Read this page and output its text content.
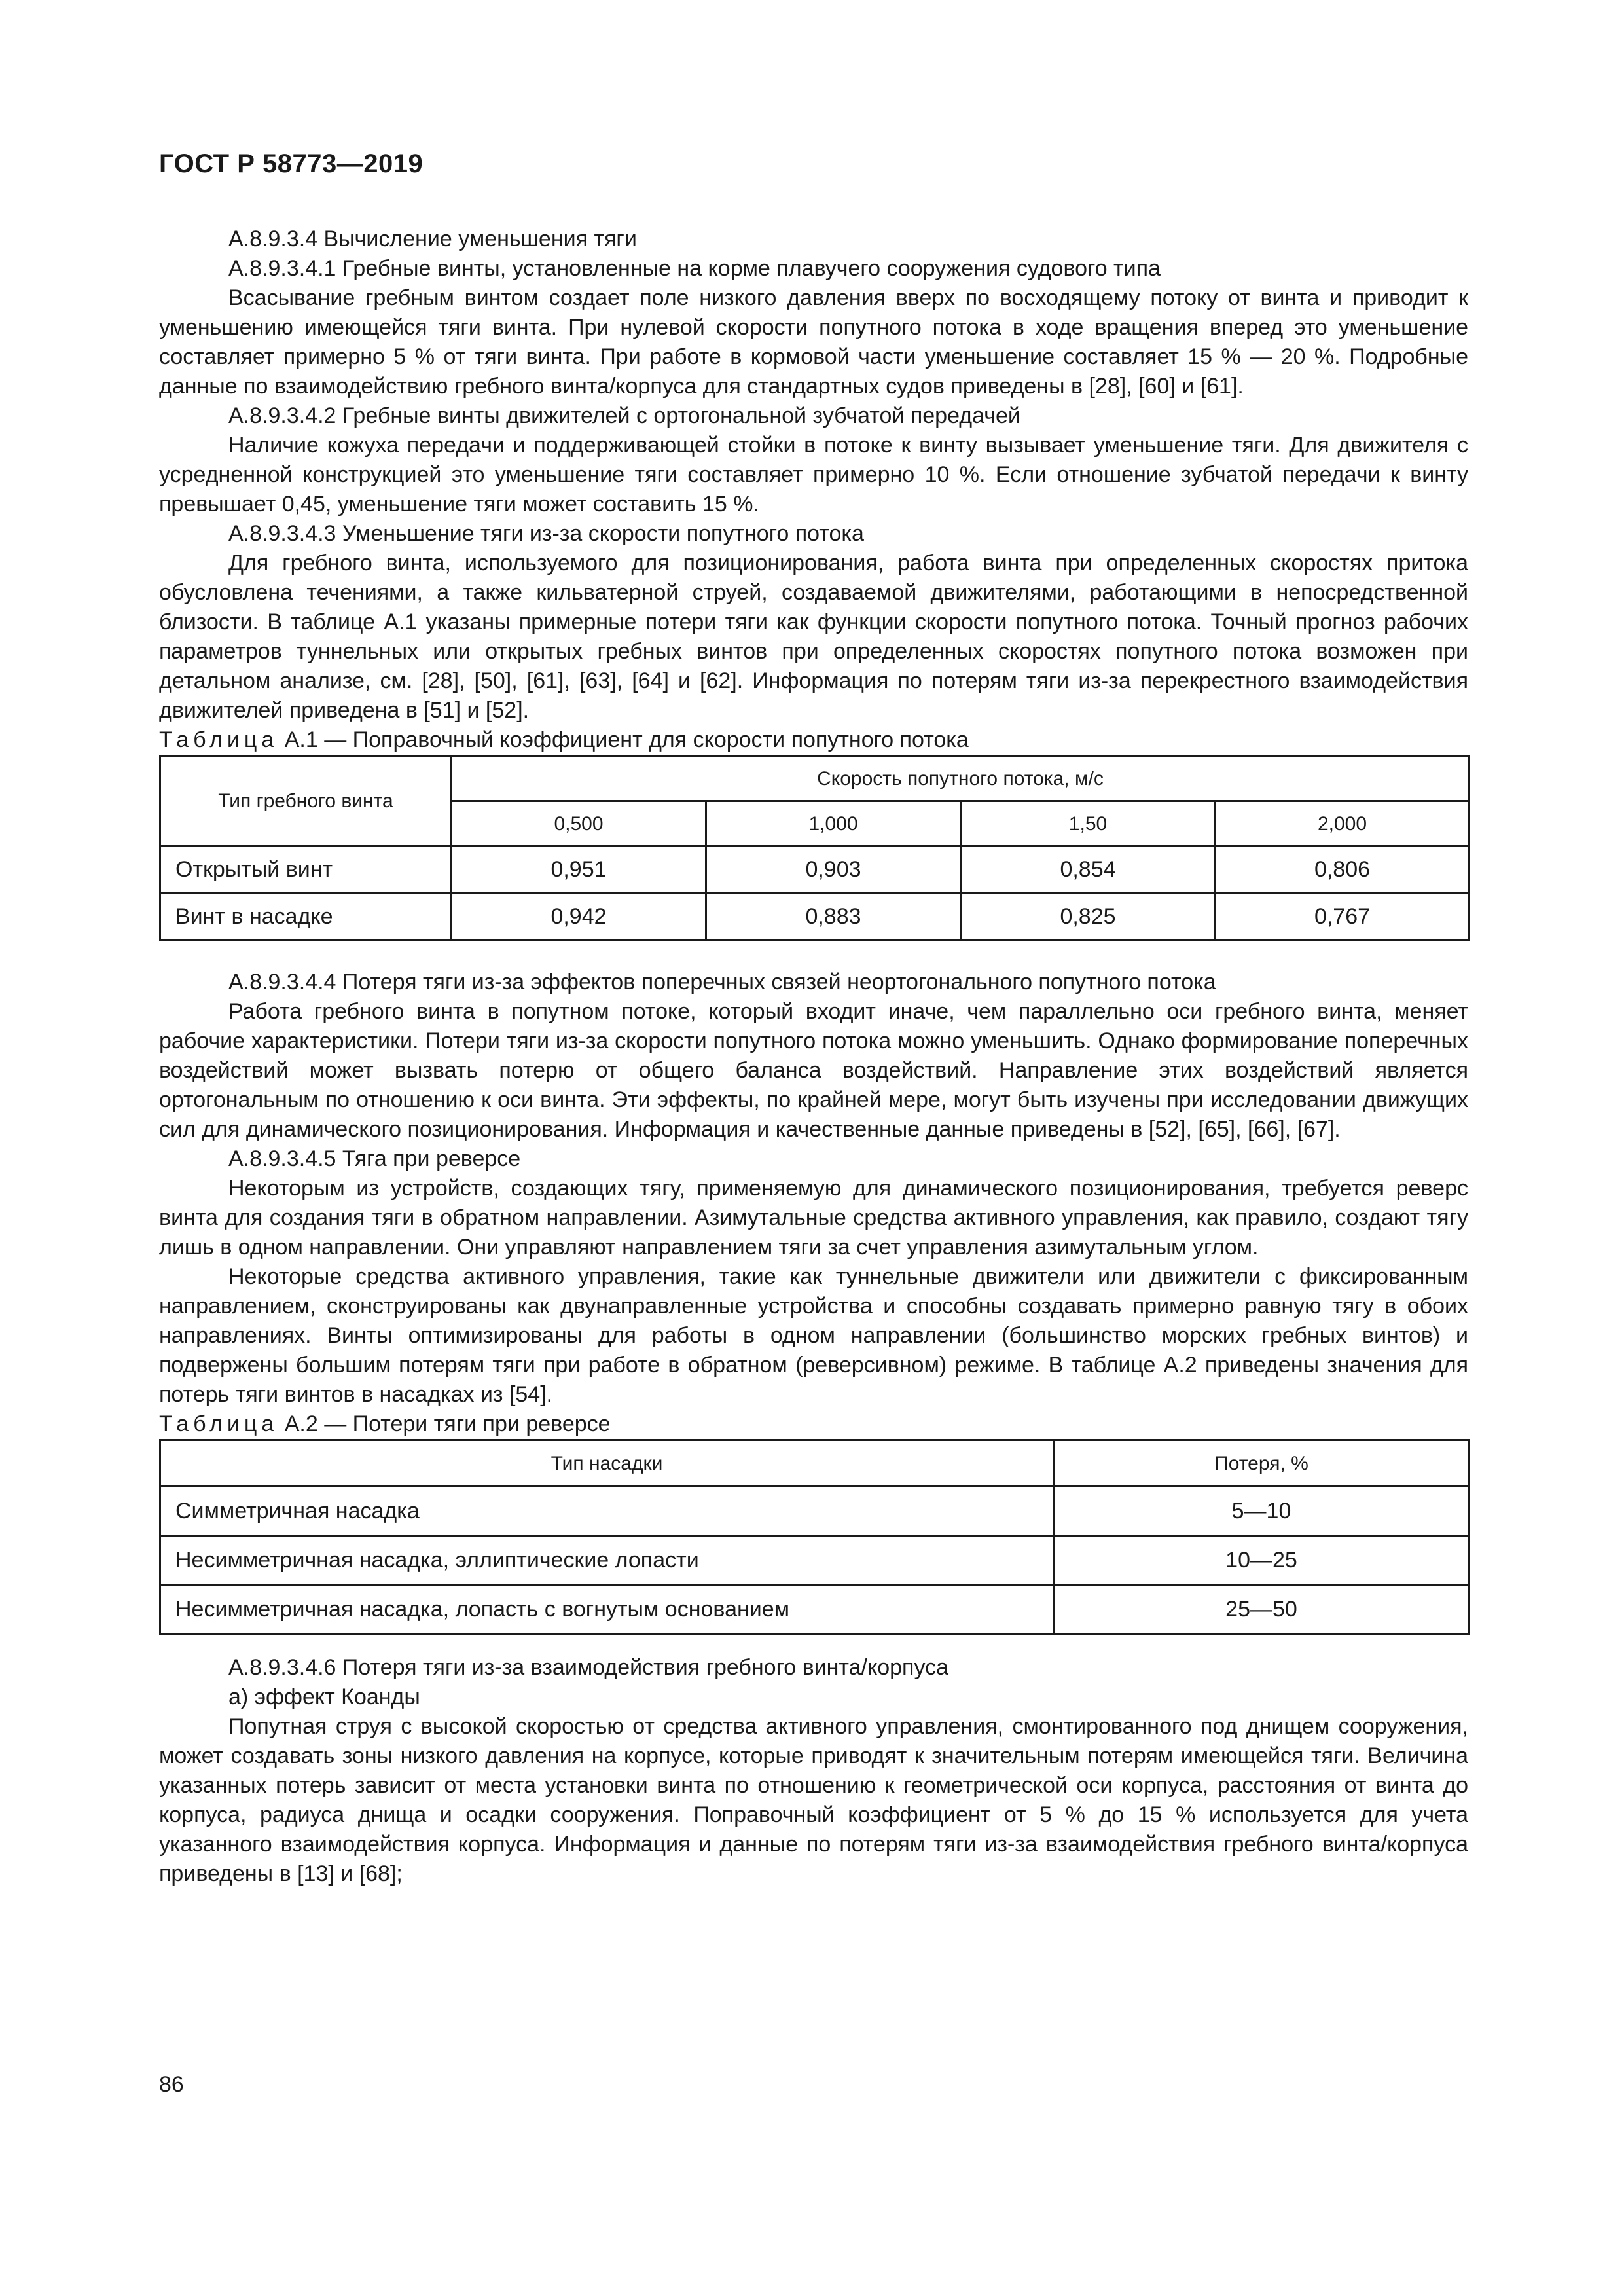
ГОСТ Р 58773—2019

А.8.9.3.4 Вычисление уменьшения тяги

А.8.9.3.4.1 Гребные винты, установленные на корме плавучего сооружения судового типа

Всасывание гребным винтом создает поле низкого давления вверх по восходящему потоку от винта и приводит к уменьшению имеющейся тяги винта. При нулевой скорости попутного потока в ходе вращения вперед это уменьшение составляет примерно 5 % от тяги винта. При работе в кормовой части уменьшение составляет 15 % — 20 %. Подробные данные по взаимодействию гребного винта/корпуса для стандартных судов приведены в [28], [60] и [61].

А.8.9.3.4.2 Гребные винты движителей с ортогональной зубчатой передачей

Наличие кожуха передачи и поддерживающей стойки в потоке к винту вызывает уменьшение тяги. Для движителя с усредненной конструкцией это уменьшение тяги составляет примерно 10 %. Если отношение зубчатой передачи к винту превышает 0,45, уменьшение тяги может составить 15 %.

А.8.9.3.4.3 Уменьшение тяги из-за скорости попутного потока

Для гребного винта, используемого для позиционирования, работа винта при определенных скоростях притока обусловлена течениями, а также кильватерной струей, создаваемой движителями, работающими в непосредственной близости. В таблице А.1 указаны примерные потери тяги как функции скорости попутного потока. Точный прогноз рабочих параметров туннельных или открытых гребных винтов при определенных скоростях попутного потока возможен при детальном анализе, см. [28], [50], [61], [63], [64] и [62]. Информация по потерям тяги из-за перекрестного взаимодействия движителей приведена в [51] и [52].

Таблица А.1 — Поправочный коэффициент для скорости попутного потока

Тип гребного винта	Скорость попутного потока, м/с			
	0,500	1,000	1,50	2,000
Открытый винт	0,951	0,903	0,854	0,806
Винт в насадке	0,942	0,883	0,825	0,767

А.8.9.3.4.4 Потеря тяги из-за эффектов поперечных связей неортогонального попутного потока

Работа гребного винта в попутном потоке, который входит иначе, чем параллельно оси гребного винта, меняет рабочие характеристики. Потери тяги из-за скорости попутного потока можно уменьшить. Однако формирование поперечных воздействий может вызвать потерю от общего баланса воздействий. Направление этих воздействий является ортогональным по отношению к оси винта. Эти эффекты, по крайней мере, могут быть изучены при исследовании движущих сил для динамического позиционирования. Информация и качественные данные приведены в [52], [65], [66], [67].

А.8.9.3.4.5 Тяга при реверсе

Некоторым из устройств, создающих тягу, применяемую для динамического позиционирования, требуется реверс винта для создания тяги в обратном направлении. Азимутальные средства активного управления, как правило, создают тягу лишь в одном направлении. Они управляют направлением тяги за счет управления азимутальным углом.

Некоторые средства активного управления, такие как туннельные движители или движители с фиксированным направлением, сконструированы как двунаправленные устройства и способны создавать примерно равную тягу в обоих направлениях. Винты оптимизированы для работы в одном направлении (большинство морских гребных винтов) и подвержены большим потерям тяги при работе в обратном (реверсивном) режиме. В таблице А.2 приведены значения для потерь тяги винтов в насадках из [54].

Таблица А.2 — Потери тяги при реверсе

Тип насадки	Потеря, %
Симметричная насадка	5—10
Несимметричная насадка, эллиптические лопасти	10—25
Несимметричная насадка, лопасть с вогнутым основанием	25—50

А.8.9.3.4.6 Потеря тяги из-за взаимодействия гребного винта/корпуса

а) эффект Коанды

Попутная струя с высокой скоростью от средства активного управления, смонтированного под днищем сооружения, может создавать зоны низкого давления на корпусе, которые приводят к значительным потерям имеющейся тяги. Величина указанных потерь зависит от места установки винта по отношению к геометрической оси корпуса, расстояния от винта до корпуса, радиуса днища и осадки сооружения. Поправочный коэффициент от 5 % до 15 % используется для учета указанного взаимодействия корпуса. Информация и данные по потерям тяги из-за взаимодействия гребного винта/корпуса приведены в [13] и [68];

86
